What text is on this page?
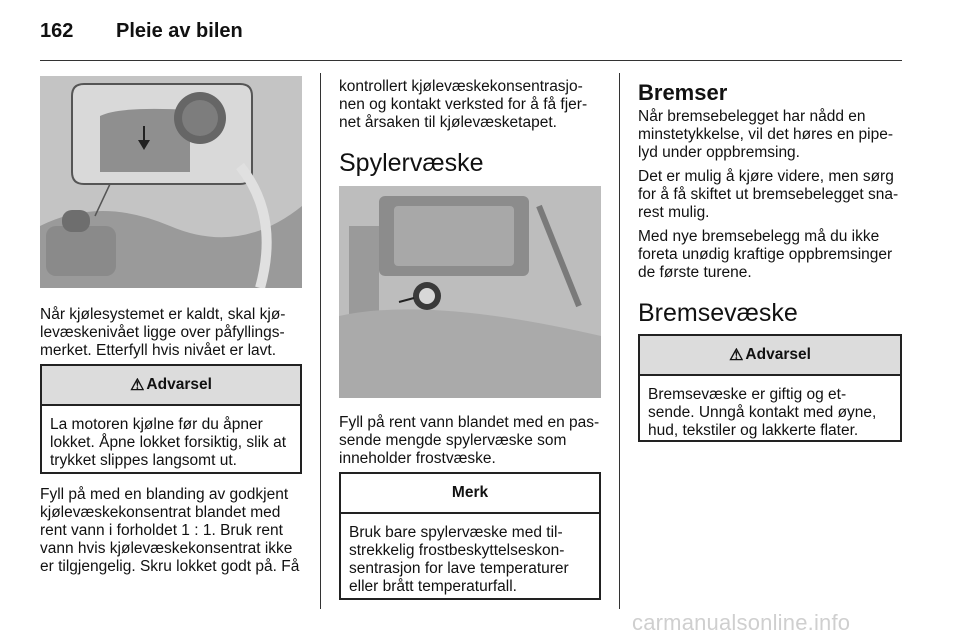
162 Pleie av bilen

Når kjølesystemet er kaldt, skal kjø-levæskenivået ligge over påfyllings-merket. Etterfyll hvis nivået er lavt.

⚠ Advarsel
La motoren kjølne før du åpner lokket. Åpne lokket forsiktig, slik at trykket slippes langsomt ut.

Fyll på med en blanding av godkjent kjølevæskekonsentrat blandet med rent vann i forholdet 1 : 1. Bruk rent vann hvis kjølevæskekonsentrat ikke er tilgjengelig. Skru lokket godt på. Få

kontrollert kjølevæskekonsentrasjo-nen og kontakt verksted for å få fjer-net årsaken til kjølevæsketapet.

Spylervæske

Fyll på rent vann blandet med en pas-sende mengde spylervæske som inneholder frostvæske.

Merk
Bruk bare spylervæske med til-strekkelig frostbeskyttelseskon-sentrasjon for lave temperaturer eller brått temperaturfall.
Bremser

Når bremsebelegget har nådd en minstetykkelse, vil det høres en pipe-lyd under oppbremsing.

Det er mulig å kjøre videre, men sørg for å få skiftet ut bremsebelegget sna-rest mulig.

Med nye bremsebelegg må du ikke foreta unødig kraftige oppbremsinger de første turene.

Bremsevæske
⚠ Advarsel
Bremsevæske er giftig og et-sende. Unngå kontakt med øyne, hud, tekstiler og lakkerte flater.
carmanualsonline.info
